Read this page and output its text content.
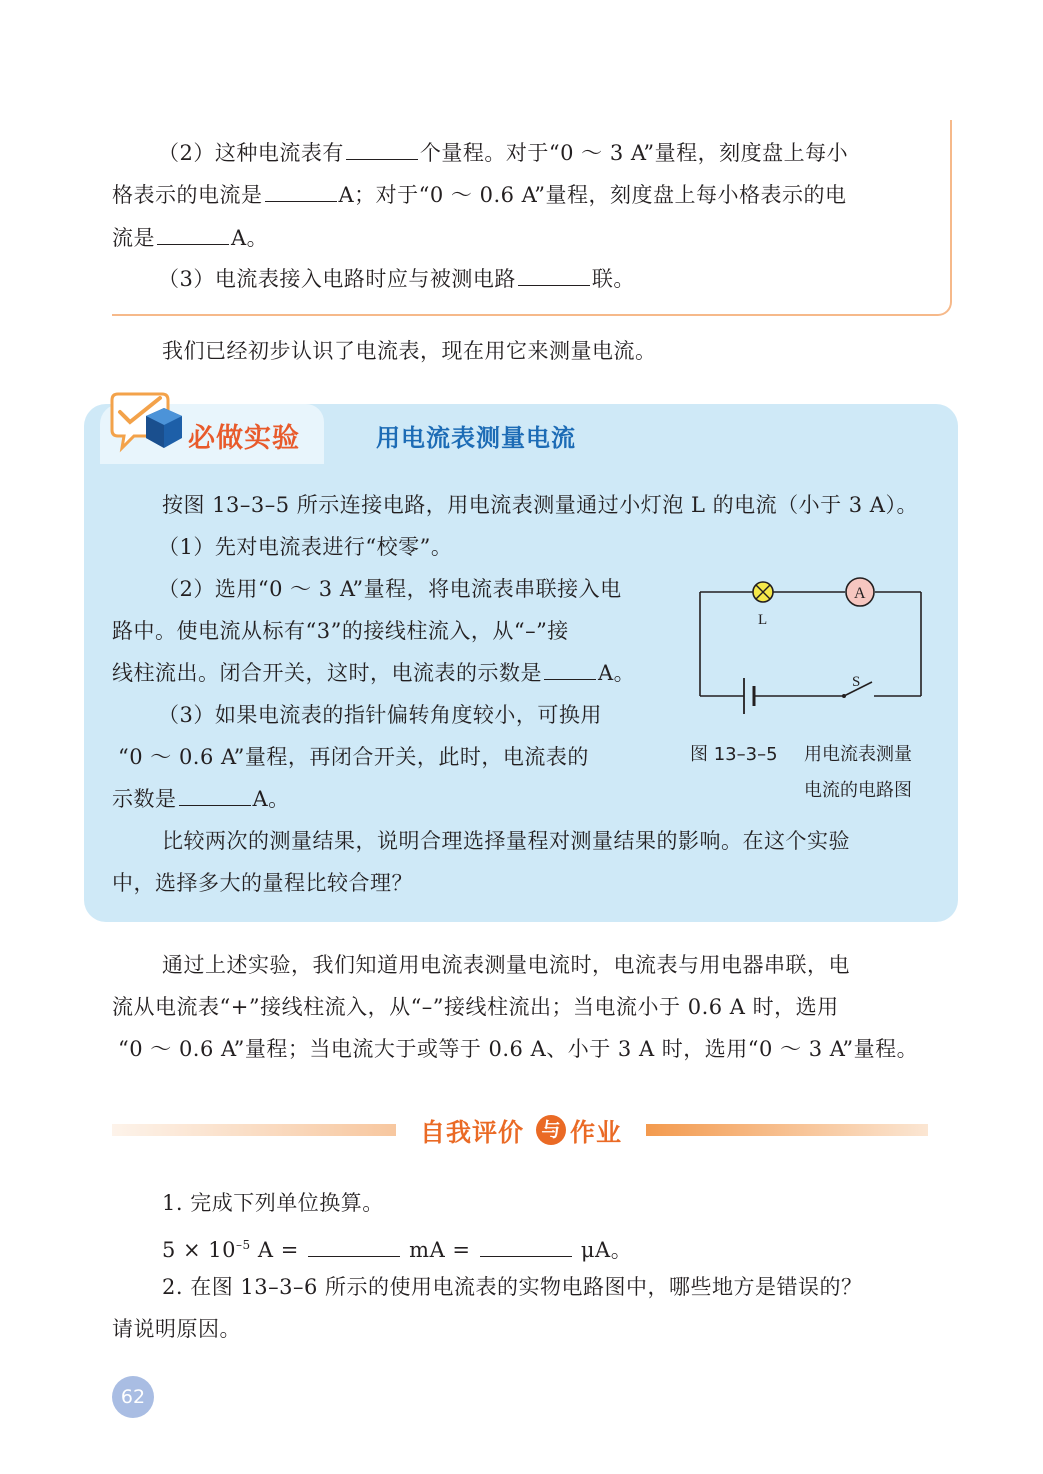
（2）这种电流表有	个量程。对于“0 ～ 3 A”量程，刻度盘上每小
格表示的电流是	A；对于“0 ～ 0.6 A”量程，刻度盘上每小格表示的电
流是	A。
（3）电流表接入电路时应与被测电路	联。
我们已经初步认识了电流表，现在用它来测量电流。
必做实验	用电流表测量电流
按图 13–3–5 所示连接电路，用电流表测量通过小灯泡 L 的电流（小于 3 A）。
（1）先对电流表进行“校零”。
（2）选用“0 ～ 3 A”量程，将电流表串联接入电
路中。使电流从标有“3”的接线柱流入，从“–”接
线柱流出。闭合开关，这时，电流表的示数是	A。
（3）如果电流表的指针偏转角度较小，可换用
“0 ～ 0.6 A”量程，再闭合开关，此时，电流表的
示数是	A。
比较两次的测量结果，说明合理选择量程对测量结果的影响。在这个实验
中，选择多大的量程比较合理？
A
L
S
图 13–3–5 用电流表测量
电流的电路图
通过上述实验，我们知道用电流表测量电流时，电流表与用电器串联，电
流从电流表“+”接线柱流入，从“–”接线柱流出；当电流小于 0.6 A 时，选用
“0 ～ 0.6 A”量程；当电流大于或等于 0.6 A、小于 3 A 时，选用“0 ～ 3 A”量程。
自我评价 与 作业
1. 完成下列单位换算。
$5 \times 10^{-5}$ A =	mA =	μA。
2. 在图 13–3–6 所示的使用电流表的实物电路图中，哪些地方是错误的？
请说明原因。
62
